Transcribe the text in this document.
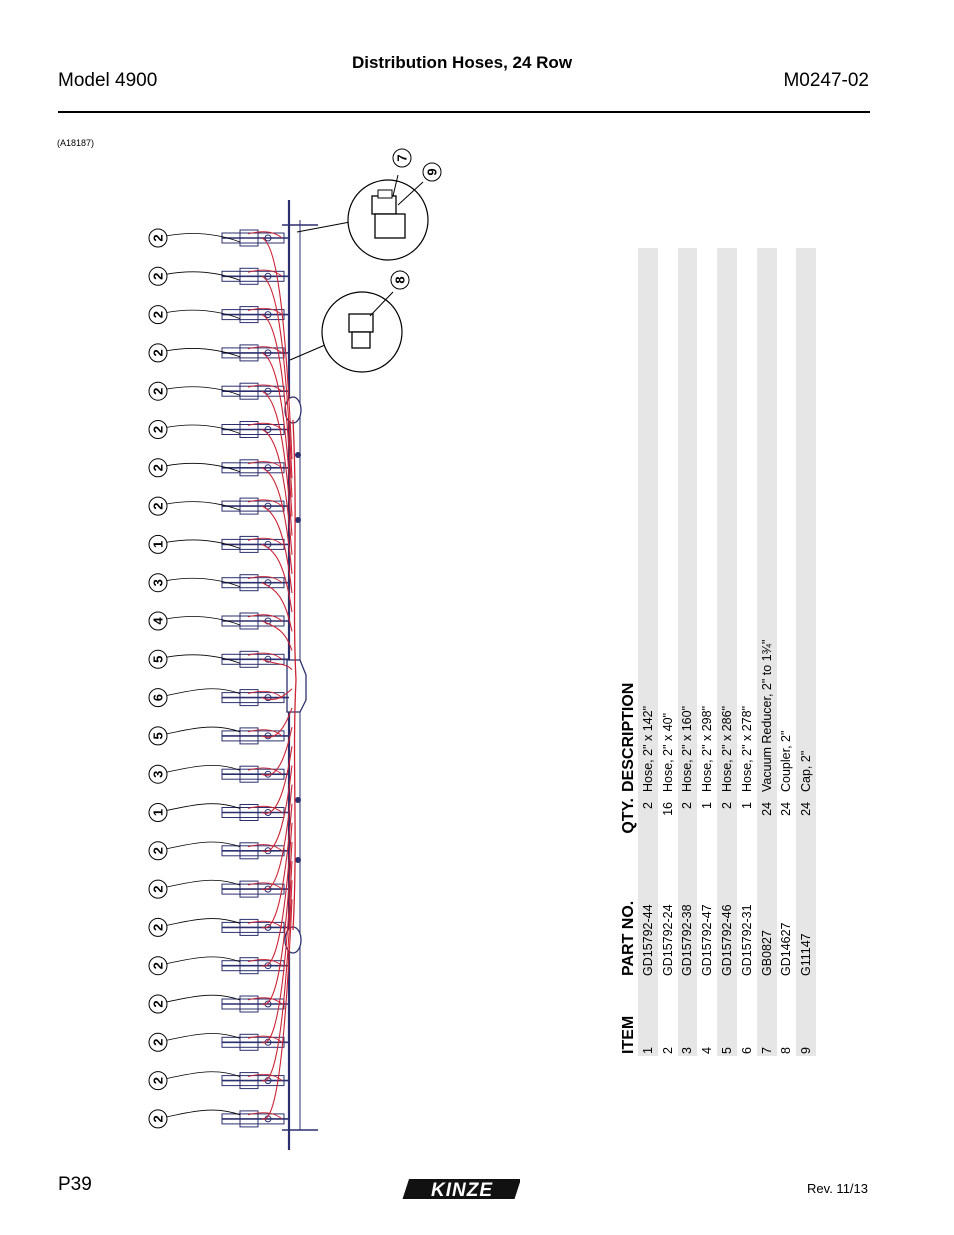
Distribution Hoses, 24 Row
Model 4900	M0247-02
(A18187)
2
2
2
2
2
2
2
2
1
3
4
5
6
5
3
1
2
2
2
2
2
2
2
2
7
9
8
ITEM	PART NO.	QTY.	DESCRIPTION
1	GD15792-44	2	Hose, 2" x 142"
2	GD15792-24	16	Hose, 2" x 40"
3	GD15792-38	2	Hose, 2" x 160"
4	GD15792-47	1	Hose, 2" x 298"
5	GD15792-46	2	Hose, 2" x 286"
6	GD15792-31	1	Hose, 2" x 278"
7	GB0827	24	Vacuum Reducer, 2" to 1¾"
8	GD14627	24	Coupler, 2"
9	G11147	24	Cap, 2"
P39	KINZE	Rev. 11/13
